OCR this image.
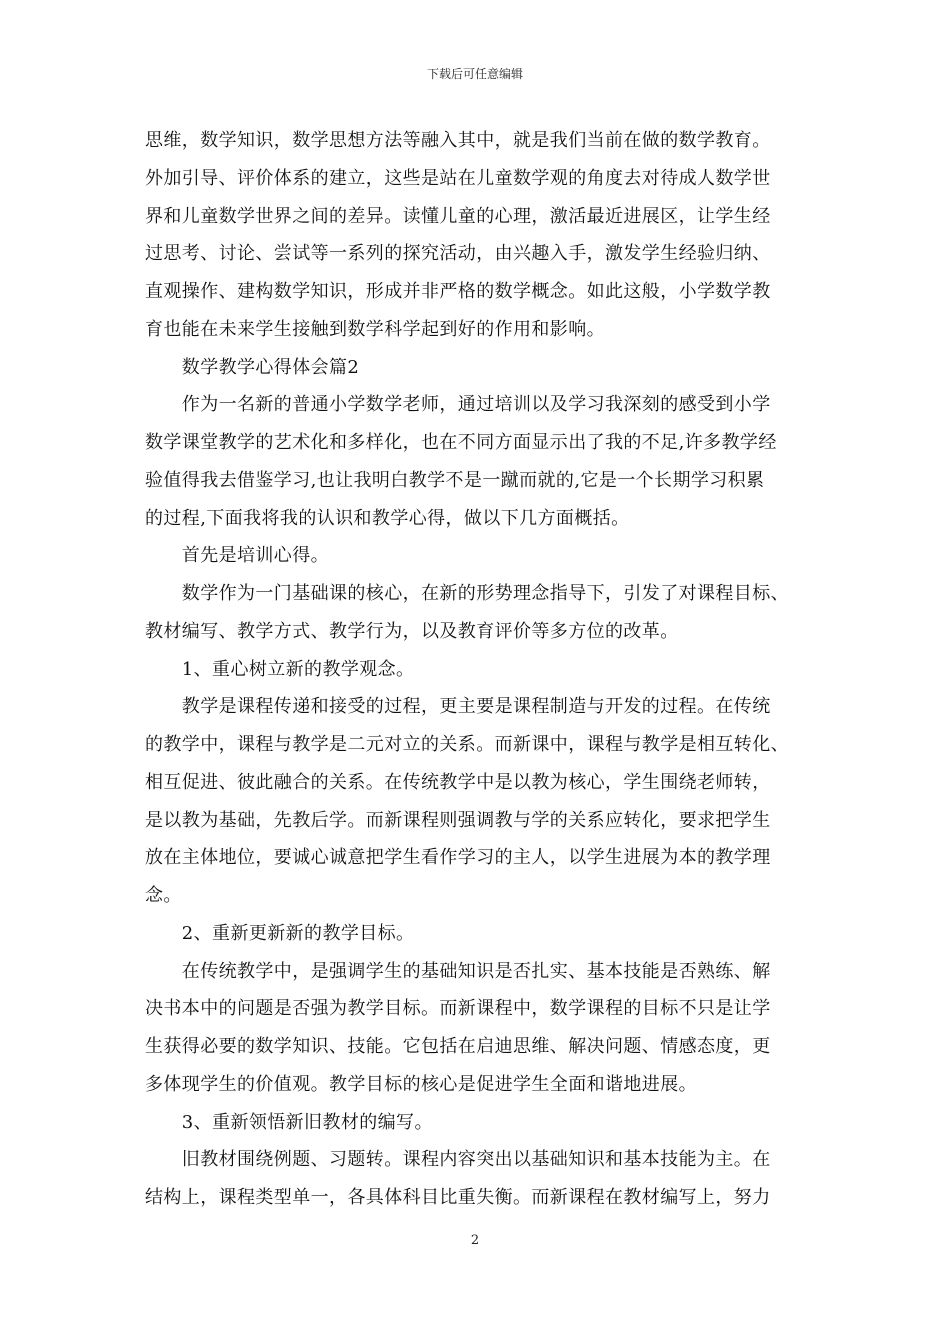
下载后可任意编辑
思维，数学知识，数学思想方法等融入其中，就是我们当前在做的数学教育。
外加引导、评价体系的建立，这些是站在儿童数学观的角度去对待成人数学世
界和儿童数学世界之间的差异。读懂儿童的心理，激活最近进展区，让学生经
过思考、讨论、尝试等一系列的探究活动，由兴趣入手，激发学生经验归纳、
直观操作、建构数学知识，形成并非严格的数学概念。如此这般，小学数学教
育也能在未来学生接触到数学科学起到好的作用和影响。
　　数学教学心得体会篇2
　　作为一名新的普通小学数学老师，通过培训以及学习我深刻的感受到小学
数学课堂教学的艺术化和多样化，也在不同方面显示出了我的不足,许多教学经
验值得我去借鉴学习,也让我明白教学不是一蹴而就的,它是一个长期学习积累
的过程,下面我将我的认识和教学心得，做以下几方面概括。
　　首先是培训心得。
　　数学作为一门基础课的核心，在新的形势理念指导下，引发了对课程目标、
教材编写、教学方式、教学行为，以及教育评价等多方位的改革。
　　1、重心树立新的教学观念。
　　教学是课程传递和接受的过程，更主要是课程制造与开发的过程。在传统
的教学中，课程与教学是二元对立的关系。而新课中，课程与教学是相互转化、
相互促进、彼此融合的关系。在传统教学中是以教为核心，学生围绕老师转，
是以教为基础，先教后学。而新课程则强调教与学的关系应转化，要求把学生
放在主体地位，要诚心诚意把学生看作学习的主人，以学生进展为本的教学理
念。
　　2、重新更新新的教学目标。
　　在传统教学中，是强调学生的基础知识是否扎实、基本技能是否熟练、解
决书本中的问题是否强为教学目标。而新课程中，数学课程的目标不只是让学
生获得必要的数学知识、技能。它包括在启迪思维、解决问题、情感态度，更
多体现学生的价值观。教学目标的核心是促进学生全面和谐地进展。
　　3、重新领悟新旧教材的编写。
　　旧教材围绕例题、习题转。课程内容突出以基础知识和基本技能为主。在
结构上，课程类型单一，各具体科目比重失衡。而新课程在教材编写上，努力
2
